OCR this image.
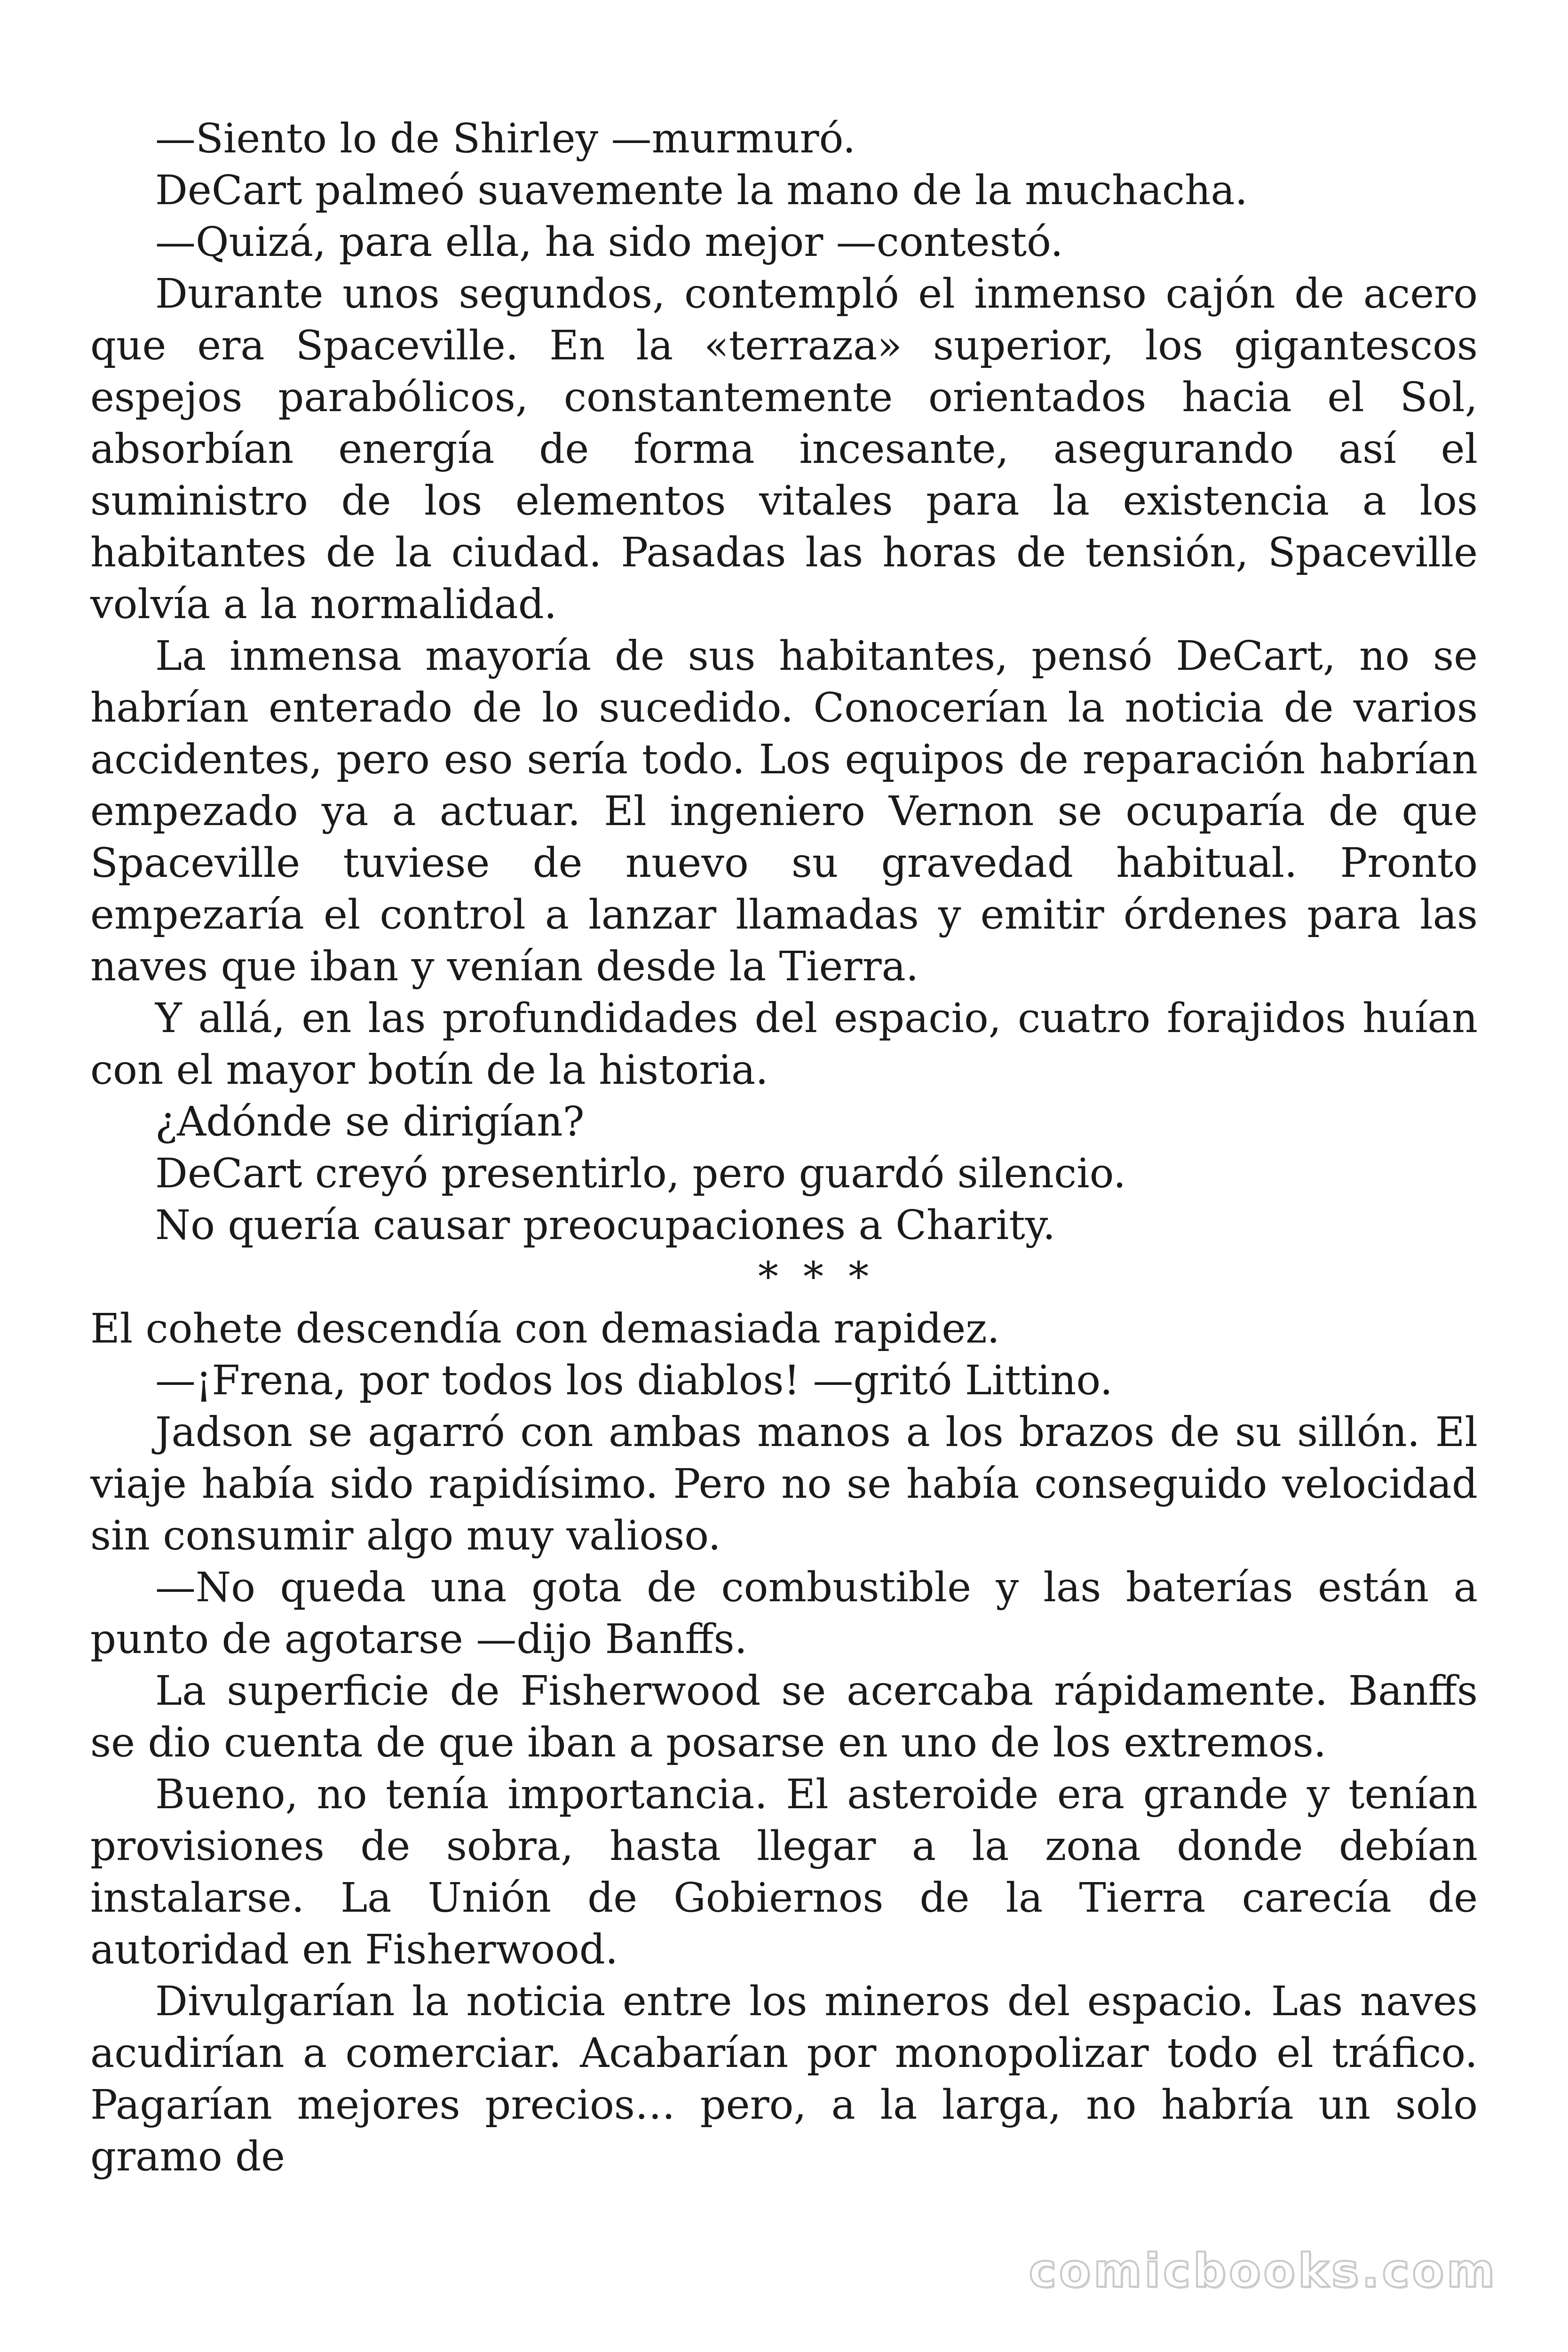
—Siento lo de Shirley —murmuró.

DeCart palmeó suavemente la mano de la muchacha.

—Quizá, para ella, ha sido mejor —contestó.

Durante unos segundos, contempló el inmenso cajón de acero que era Spaceville. En la «terraza» superior, los gigantescos espejos parabólicos, constantemente orientados hacia el Sol, absorbían energía de forma incesante, asegurando así el suministro de los elementos vitales para la existencia a los habitantes de la ciudad. Pasadas las horas de tensión, Spaceville volvía a la normalidad.

La inmensa mayoría de sus habitantes, pensó DeCart, no se habrían enterado de lo sucedido. Conocerían la noticia de varios accidentes, pero eso sería todo. Los equipos de reparación habrían empezado ya a actuar. El ingeniero Vernon se ocuparía de que Spaceville tuviese de nuevo su gravedad habitual. Pronto empezaría el control a lanzar llamadas y emitir órdenes para las naves que iban y venían desde la Tierra.

Y allá, en las profundidades del espacio, cuatro forajidos huían con el mayor botín de la historia.

¿Adónde se dirigían?

DeCart creyó presentirlo, pero guardó silencio.

No quería causar preocupaciones a Charity.

* * *

El cohete descendía con demasiada rapidez.

—¡Frena, por todos los diablos! —gritó Littino.

Jadson se agarró con ambas manos a los brazos de su sillón. El viaje había sido rapidísimo. Pero no se había conseguido velocidad sin consumir algo muy valioso.

—No queda una gota de combustible y las baterías están a punto de agotarse —dijo Banffs.

La superficie de Fisherwood se acercaba rápidamente. Banffs se dio cuenta de que iban a posarse en uno de los extremos.

Bueno, no tenía importancia. El asteroide era grande y tenían provisiones de sobra, hasta llegar a la zona donde debían instalarse. La Unión de Gobiernos de la Tierra carecía de autoridad en Fisherwood.

Divulgarían la noticia entre los mineros del espacio. Las naves acudirían a comerciar. Acabarían por monopolizar todo el tráfico. Pagarían mejores precios… pero, a la larga, no habría un solo gramo de

comicbooks.com
